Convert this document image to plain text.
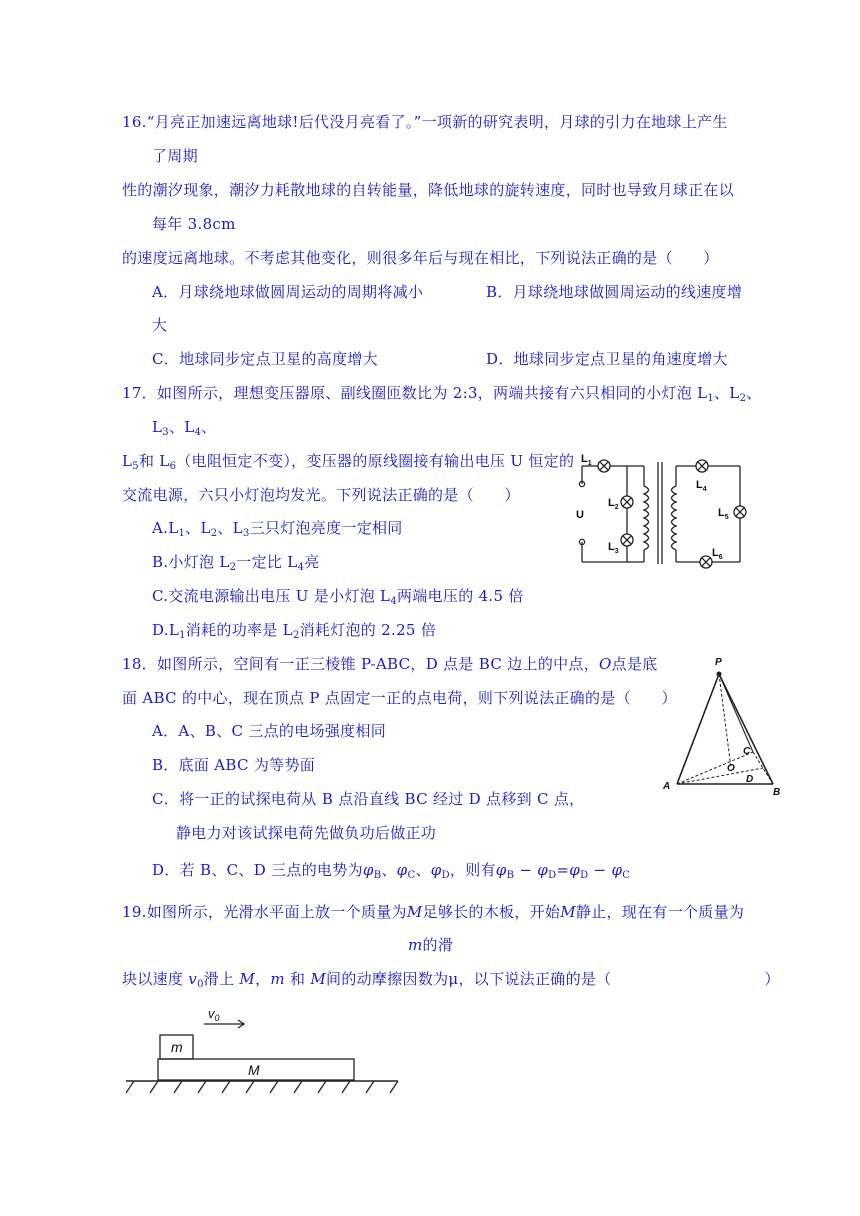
16.“月亮正加速远离地球!后代没月亮看了。”一项新的研究表明，月球的引力在地球上产生
了周期
性的潮汐现象，潮汐力耗散地球的自转能量，降低地球的旋转速度，同时也导致月球正在以
每年 3.8cm
的速度远离地球。不考虑其他变化，则很多年后与现在相比，下列说法正确的是（　　）
A．月球绕地球做圆周运动的周期将减小	B．月球绕地球做圆周运动的线速度增
大
C．地球同步定点卫星的高度增大	D．地球同步定点卫星的角速度增大
17．如图所示，理想变压器原、副线圈匝数比为 2:3，两端共接有六只相同的小灯泡 $L_1$、$L_2$、
$L_3$、$L_4$、
$L_5$和 $L_6$（电阻恒定不变），变压器的原线圈接有输出电压 U 恒定的
交流电源，六只小灯泡均发光。下列说法正确的是（　　）
$A.L_1$、$L_2$、$L_3$三只灯泡亮度一定相同
B.小灯泡 $L_2$一定比 $L_4$亮
C.交流电源输出电压 U 是小灯泡 $L_4$两端电压的 4.5 倍
$D.L_1$消耗的功率是 $L_2$消耗灯泡的 2.25 倍
$L_1$
$L_2$
$L_3$
$L_4$
$L_5$
$L_6$
U
18．如图所示，空间有一正三棱锥 P-ABC，D 点是 BC 边上的中点，O点是底
面 ABC 的中心，现在顶点 P 点固定一正的点电荷，则下列说法正确的是（　　）
A．A、B、C 三点的电场强度相同
B．底面 ABC 为等势面
C．将一正的试探电荷从 B 点沿直线 BC 经过 D 点移到 C 点，
静电力对该试探电荷先做负功后做正功
D．若 B、C、D 三点的电势为$\varphi_B$、$\varphi_C$、$\varphi_D$，则有$\varphi_B - \varphi_D=\varphi_D - \varphi_C$
P
A
B
C
D
O
19.如图所示，光滑水平面上放一个质量为M足够长的木板，开始M静止，现在有一个质量为
m的滑
块以速度 $v_0$滑上 M，m 和 M间的动摩擦因数为μ，以下说法正确的是（　　　　　　　　　　）
$v_0$
m
M
